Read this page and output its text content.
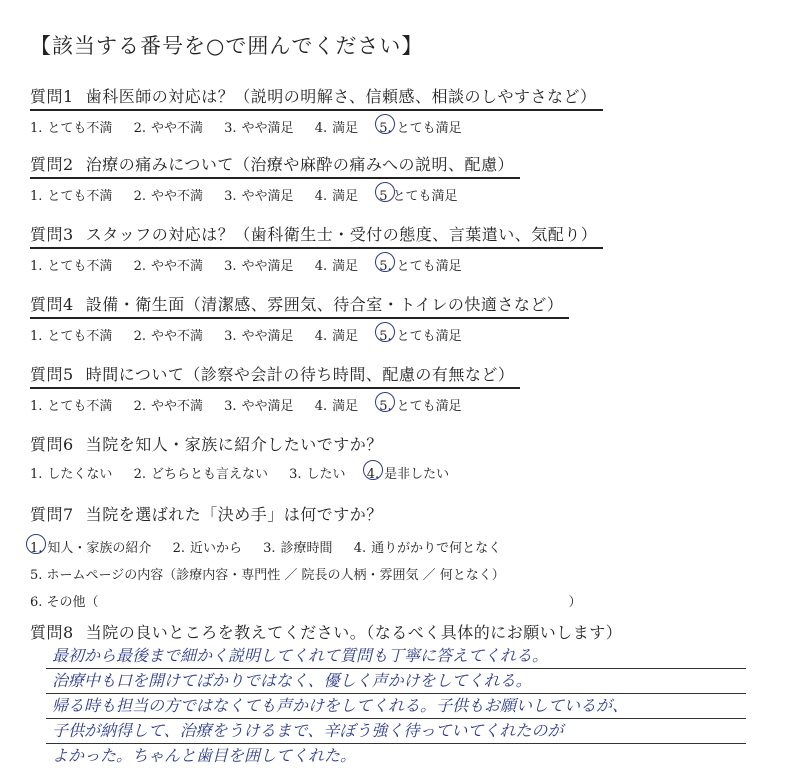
【該当する番号を○で囲んでください】
質問1 歯科医師の対応は？（説明の明解さ、信頼感、相談のしやすさなど）
1. とても不満 2. やや不満 3. やや満足 4. 満足 5. とても満足
質問2 治療の痛みについて（治療や麻酔の痛みへの説明、配慮）
1. とても不満 2. やや不満 3. やや満足 4. 満足 5 とても満足
質問3 スタッフの対応は？（歯科衛生士・受付の態度、言葉遣い、気配り）
1. とても不満 2. やや不満 3. やや満足 4. 満足 5. とても満足
質問4 設備・衛生面（清潔感、雰囲気、待合室・トイレの快適さなど）
1. とても不満 2. やや不満 3. やや満足 4. 満足 5. とても満足
質問5 時間について（診察や会計の待ち時間、配慮の有無など）
1. とても不満 2. やや不満 3. やや満足 4. 満足 5. とても満足
質問6 当院を知人・家族に紹介したいですか？
1. したくない 2. どちらとも言えない 3. したい 4. 是非したい
質問7 当院を選ばれた「決め手」は何ですか？
1. 知人・家族の紹介 2. 近いから 3. 診療時間 4. 通りがかりで何となく
5. ホームページの内容（診療内容・専門性 ／ 院長の人柄・雰囲気 ／ 何となく）
6. その他（	）
質問8 当院の良いところを教えてください。（なるべく具体的にお願いします）
最初から最後まで細かく説明してくれて質問も丁寧に答えてくれる。
治療中も口を開けてばかりではなく、優しく声かけをしてくれる。
帰る時も担当の方ではなくても声かけをしてくれる。子供もお願いしているが、
子供が納得して、治療をうけるまで、辛ぼう強く待っていてくれたのが
よかった。ちゃんと歯目を囲してくれた。
